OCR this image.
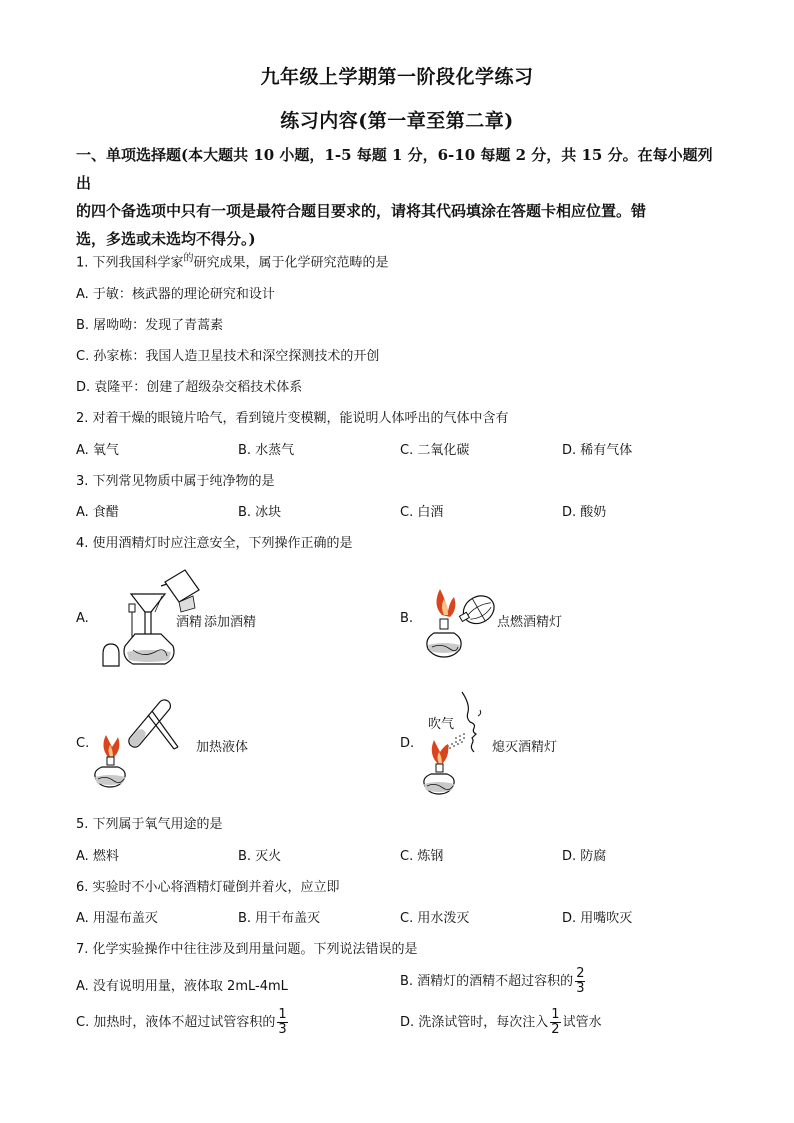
九年级上学期第一阶段化学练习
练习内容(第一章至第二章)
一、单项选择题(本大题共 10 小题，1-5 每题 1 分，6-10 每题 2 分，共 15 分。在每小题列出
的四个备选项中只有一项是最符合题目要求的，请将其代码填涂在答题卡相应位置。错
选，多选或未选均不得分。)
1. 下列我国科学家$^的$研究成果，属于化学研究范畴的是
A. 于敏：核武器的理论研究和设计
B. 屠呦呦：发现了青蒿素
C. 孙家栋：我国人造卫星技术和深空探测技术的开创
D. 袁隆平：创建了超级杂交稻技术体系
2. 对着干燥的眼镜片哈气，看到镜片变模糊，能说明人体呼出的气体中含有
A. 氧气	B. 水蒸气	C. 二氧化碳	D. 稀有气体
3. 下列常见物质中属于纯净物的是
A. 食醋	B. 冰块	C. 白酒	D. 酸奶
4. 使用酒精灯时应注意安全，下列操作正确的是
A.	酒精 添加酒精	B.	点燃酒精灯
C.	加热液体	D.
吹气
熄灭酒精灯
5. 下列属于氧气用途的是
A. 燃料	B. 灭火	C. 炼钢	D. 防腐
6. 实验时不小心将酒精灯碰倒并着火，应立即
A. 用湿布盖灭	B. 用干布盖灭	C. 用水泼灭	D. 用嘴吹灭
7. 化学实验操作中往往涉及到用量问题。下列说法错误的是
A. 没有说明用量，液体取 2mL-4mL	B. 酒精灯的酒精不超过容积的 $\frac{2}{3}$
C. 加热时，液体不超过试管容积的 $\frac{1}{3}$	D. 洗涤试管时，每次注入 $\frac{1}{2}$ 试管水
